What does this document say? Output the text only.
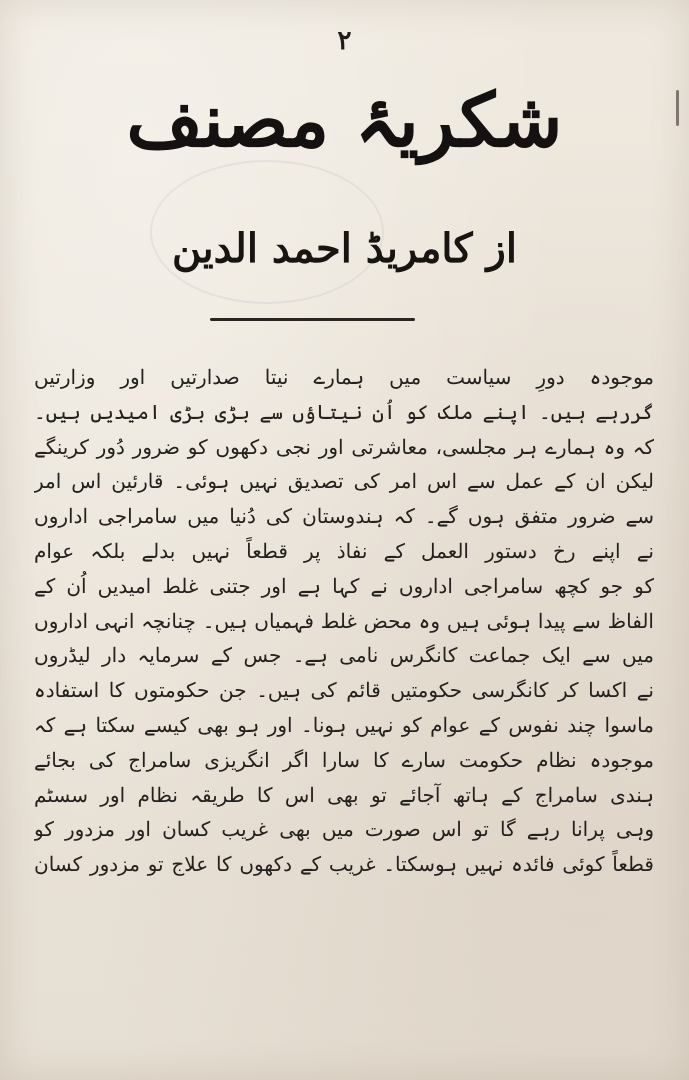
۲
شکریۂ مصنف
از کامریڈ احمد الدین
موجودہ دورِ سیاست میں ہمارے نیتا صدارتیں اور وزارتیں
گررہے ہیں۔ اپنے ملک کو اُن نیتاؤں سے بڑی بڑی امیدیں ہیں۔
کہ وہ ہمارے ہر مجلسی، معاشرتی اور نجی دکھوں کو ضرور دُور کرینگے
لیکن ان کے عمل سے اس امر کی تصدیق نہیں ہوئی۔ قارئین اس امر
سے ضرور متفق ہوں گے۔ کہ ہندوستان کی دُنیا میں سامراجی اداروں
نے اپنے رخ دستور العمل کے نفاذ پر قطعاً نہیں بدلے بلکہ عوام
کو جو کچھ سامراجی اداروں نے کہا ہے اور جتنی غلط امیدیں اُن کے
الفاظ سے پیدا ہوئی ہیں وہ محض غلط فہمیاں ہیں۔ چنانچہ انہی اداروں
میں سے ایک جماعت کانگرس نامی ہے۔ جس کے سرمایہ دار لیڈروں
نے اکسا کر کانگرسی حکومتیں قائم کی ہیں۔ جن حکومتوں کا استفادہ
ماسوا چند نفوس کے عوام کو نہیں ہونا۔ اور ہو بھی کیسے سکتا ہے کہ
موجودہ نظام حکومت سارے کا سارا اگر انگریزی سامراج کی بجائے
ہندی سامراج کے ہاتھ آجائے تو بھی اس کا طریقہ نظام اور سسٹم
وہی پرانا رہے گا تو اس صورت میں بھی غریب کسان اور مزدور کو
قطعاً کوئی فائدہ نہیں ہوسکتا۔ غریب کے دکھوں کا علاج تو مزدور کسان
